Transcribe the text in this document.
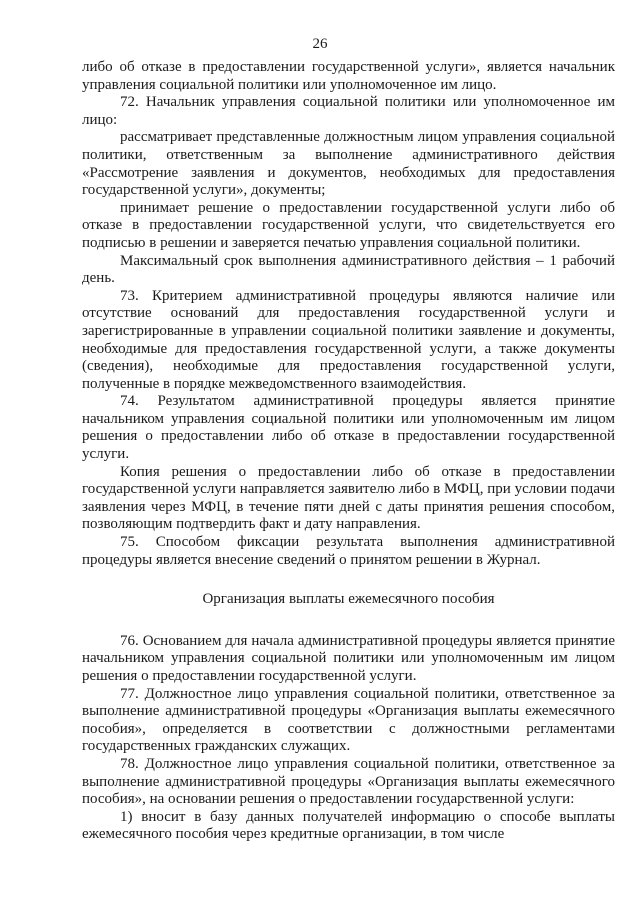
26

либо об отказе в предоставлении государственной услуги», является начальник управления социальной политики или уполномоченное им лицо.

72. Начальник управления социальной политики или уполномоченное им лицо:

рассматривает представленные должностным лицом управления социальной политики, ответственным за выполнение административного действия «Рассмотрение заявления и документов, необходимых для предоставления государственной услуги», документы;

принимает решение о предоставлении государственной услуги либо об отказе в предоставлении государственной услуги, что свидетельствуется его подписью в решении и заверяется печатью управления социальной политики.

Максимальный срок выполнения административного действия – 1 рабочий день.

73. Критерием административной процедуры являются наличие или отсутствие оснований для предоставления государственной услуги и зарегистрированные в управлении социальной политики заявление и документы, необходимые для предоставления государственной услуги, а также документы (сведения), необходимые для предоставления государственной услуги, полученные в порядке межведомственного взаимодействия.

74. Результатом административной процедуры является принятие начальником управления социальной политики или уполномоченным им лицом решения о предоставлении либо об отказе в предоставлении государственной услуги.

Копия решения о предоставлении либо об отказе в предоставлении государственной услуги направляется заявителю либо в МФЦ, при условии подачи заявления через МФЦ, в течение пяти дней с даты принятия решения способом, позволяющим подтвердить факт и дату направления.

75. Способом фиксации результата выполнения административной процедуры является внесение сведений о принятом решении в Журнал.

Организация выплаты ежемесячного пособия

76. Основанием для начала административной процедуры является принятие начальником управления социальной политики или уполномоченным им лицом решения о предоставлении государственной услуги.

77. Должностное лицо управления социальной политики, ответственное за выполнение административной процедуры «Организация выплаты ежемесячного пособия», определяется в соответствии с должностными регламентами государственных гражданских служащих.

78. Должностное лицо управления социальной политики, ответственное за выполнение административной процедуры «Организация выплаты ежемесячного пособия», на основании решения о предоставлении государственной услуги:

1) вносит в базу данных получателей информацию о способе выплаты ежемесячного пособия через кредитные организации, в том числе
